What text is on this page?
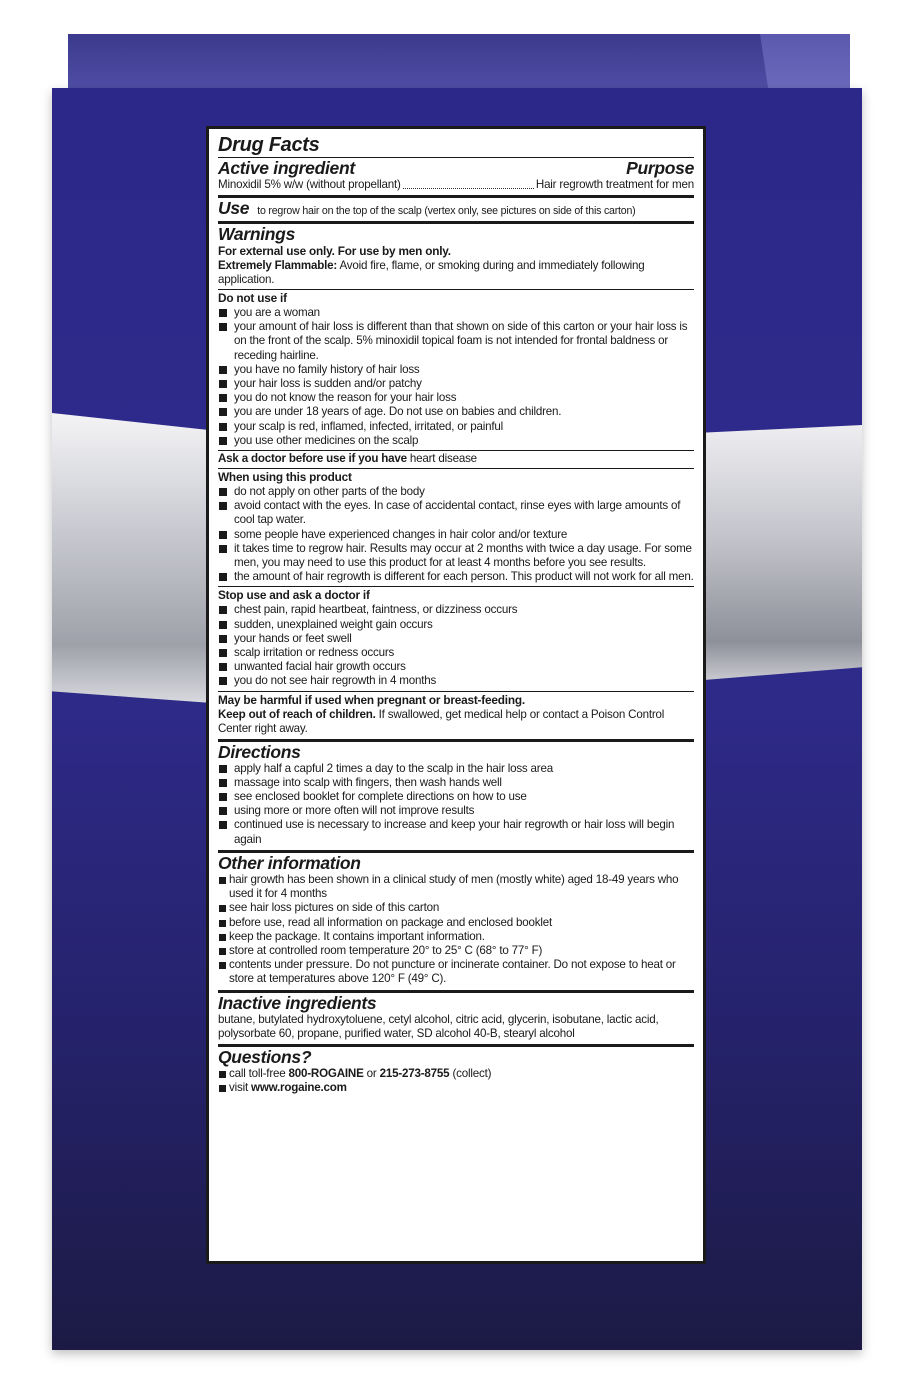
Drug Facts
Active ingredient	Purpose
Minoxidil 5% w/w (without propellant)	Hair regrowth treatment for men
Use to regrow hair on the top of the scalp (vertex only, see pictures on side of this carton)
Warnings
For external use only. For use by men only.
Extremely Flammable: Avoid fire, flame, or smoking during and immediately following application.
Do not use if
you are a woman
your amount of hair loss is different than that shown on side of this carton or your hair loss is on the front of the scalp. 5% minoxidil topical foam is not intended for frontal baldness or receding hairline.
you have no family history of hair loss
your hair loss is sudden and/or patchy
you do not know the reason for your hair loss
you are under 18 years of age. Do not use on babies and children.
your scalp is red, inflamed, infected, irritated, or painful
you use other medicines on the scalp
Ask a doctor before use if you have heart disease
When using this product
do not apply on other parts of the body
avoid contact with the eyes. In case of accidental contact, rinse eyes with large amounts of cool tap water.
some people have experienced changes in hair color and/or texture
it takes time to regrow hair. Results may occur at 2 months with twice a day usage. For some men, you may need to use this product for at least 4 months before you see results.
the amount of hair regrowth is different for each person. This product will not work for all men.
Stop use and ask a doctor if
chest pain, rapid heartbeat, faintness, or dizziness occurs
sudden, unexplained weight gain occurs
your hands or feet swell
scalp irritation or redness occurs
unwanted facial hair growth occurs
you do not see hair regrowth in 4 months
May be harmful if used when pregnant or breast-feeding.
Keep out of reach of children. If swallowed, get medical help or contact a Poison Control Center right away.
Directions
apply half a capful 2 times a day to the scalp in the hair loss area
massage into scalp with fingers, then wash hands well
see enclosed booklet for complete directions on how to use
using more or more often will not improve results
continued use is necessary to increase and keep your hair regrowth or hair loss will begin again
Other information
hair growth has been shown in a clinical study of men (mostly white) aged 18-49 years who used it for 4 months
see hair loss pictures on side of this carton
before use, read all information on package and enclosed booklet
keep the package. It contains important information.
store at controlled room temperature 20° to 25° C (68° to 77° F)
contents under pressure. Do not puncture or incinerate container. Do not expose to heat or store at temperatures above 120° F (49° C).
Inactive ingredients
butane, butylated hydroxytoluene, cetyl alcohol, citric acid, glycerin, isobutane, lactic acid, polysorbate 60, propane, purified water, SD alcohol 40-B, stearyl alcohol
Questions?
call toll-free 800-ROGAINE or 215-273-8755 (collect)
visit www.rogaine.com
